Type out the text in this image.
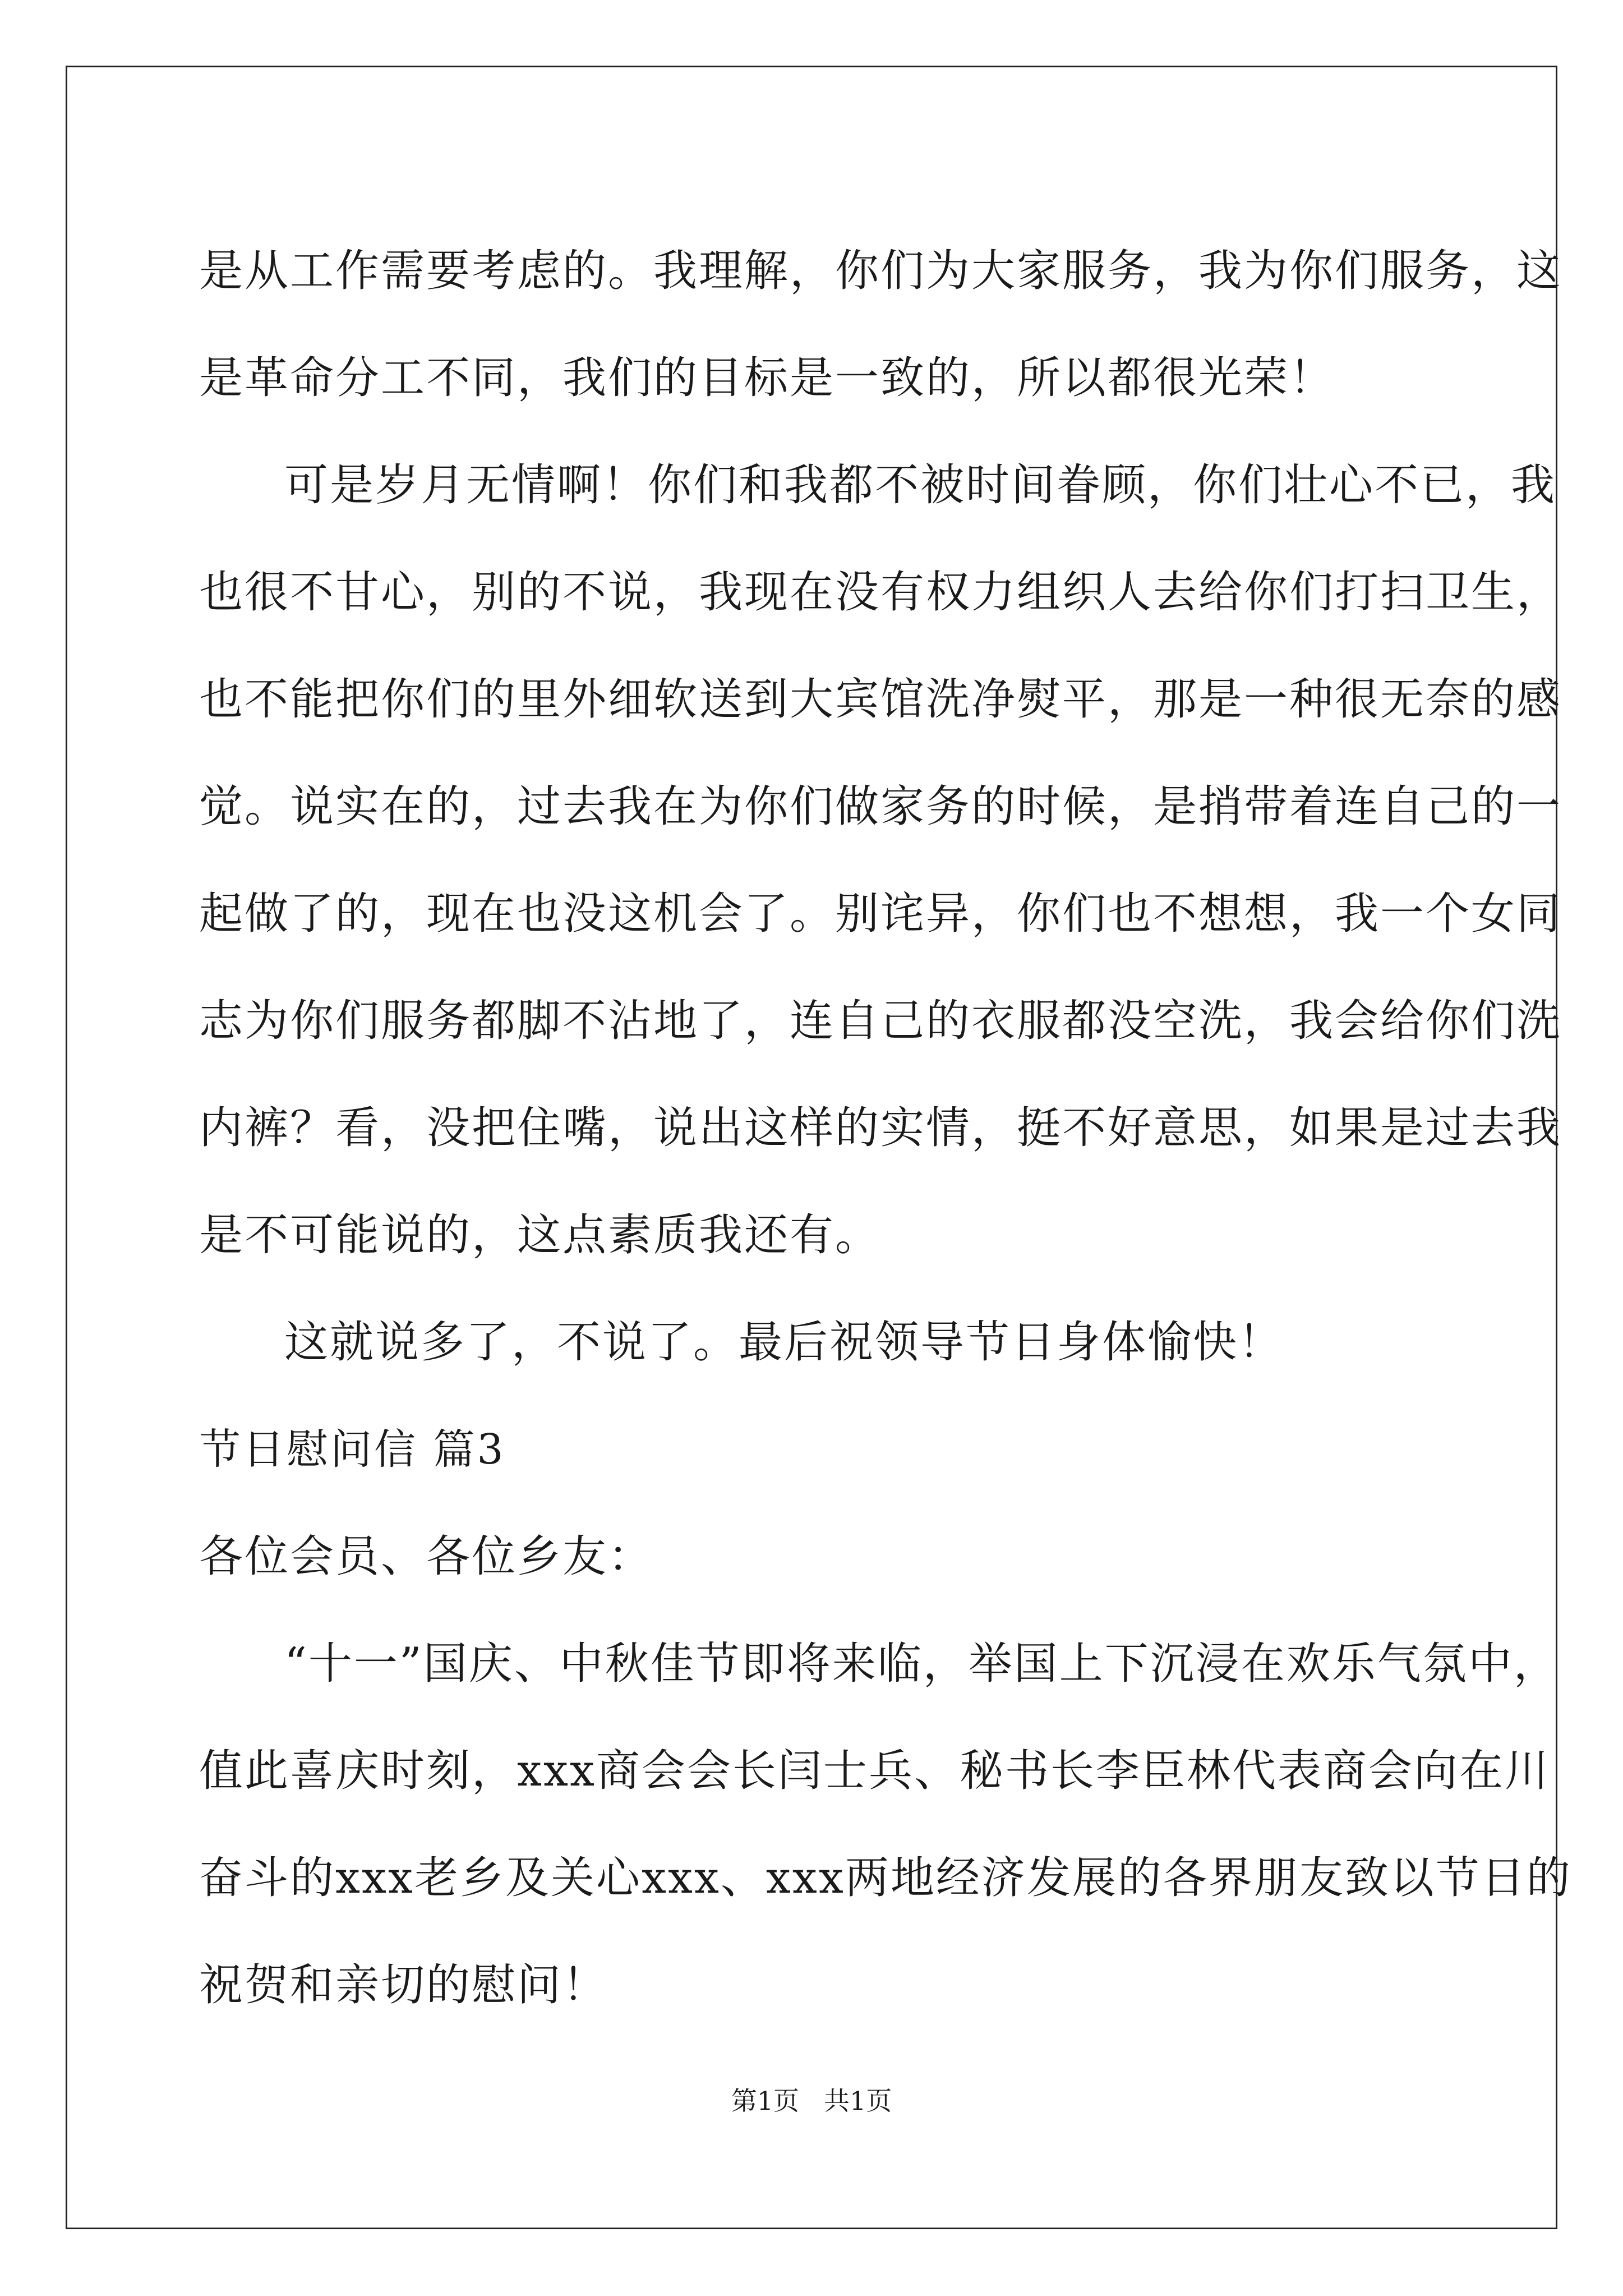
是从工作需要考虑的。我理解，你们为大家服务，我为你们服务，这
是革命分工不同，我们的目标是一致的，所以都很光荣！
可是岁月无情啊！你们和我都不被时间眷顾，你们壮心不已，我
也很不甘心，别的不说，我现在没有权力组织人去给你们打扫卫生，
也不能把你们的里外细软送到大宾馆洗净熨平，那是一种很无奈的感
觉。说实在的，过去我在为你们做家务的时候，是捎带着连自己的一
起做了的，现在也没这机会了。别诧异，你们也不想想，我一个女同
志为你们服务都脚不沾地了，连自己的衣服都没空洗，我会给你们洗
内裤？看，没把住嘴，说出这样的实情，挺不好意思，如果是过去我
是不可能说的，这点素质我还有。
这就说多了，不说了。最后祝领导节日身体愉快！
节日慰问信 篇3
各位会员、各位乡友：
“十一”国庆、中秋佳节即将来临，举国上下沉浸在欢乐气氛中，
值此喜庆时刻，xxx商会会长闫士兵、秘书长李臣林代表商会向在川
奋斗的xxx老乡及关心xxx、xxx两地经济发展的各界朋友致以节日的
祝贺和亲切的慰问！
第1页 共1页
